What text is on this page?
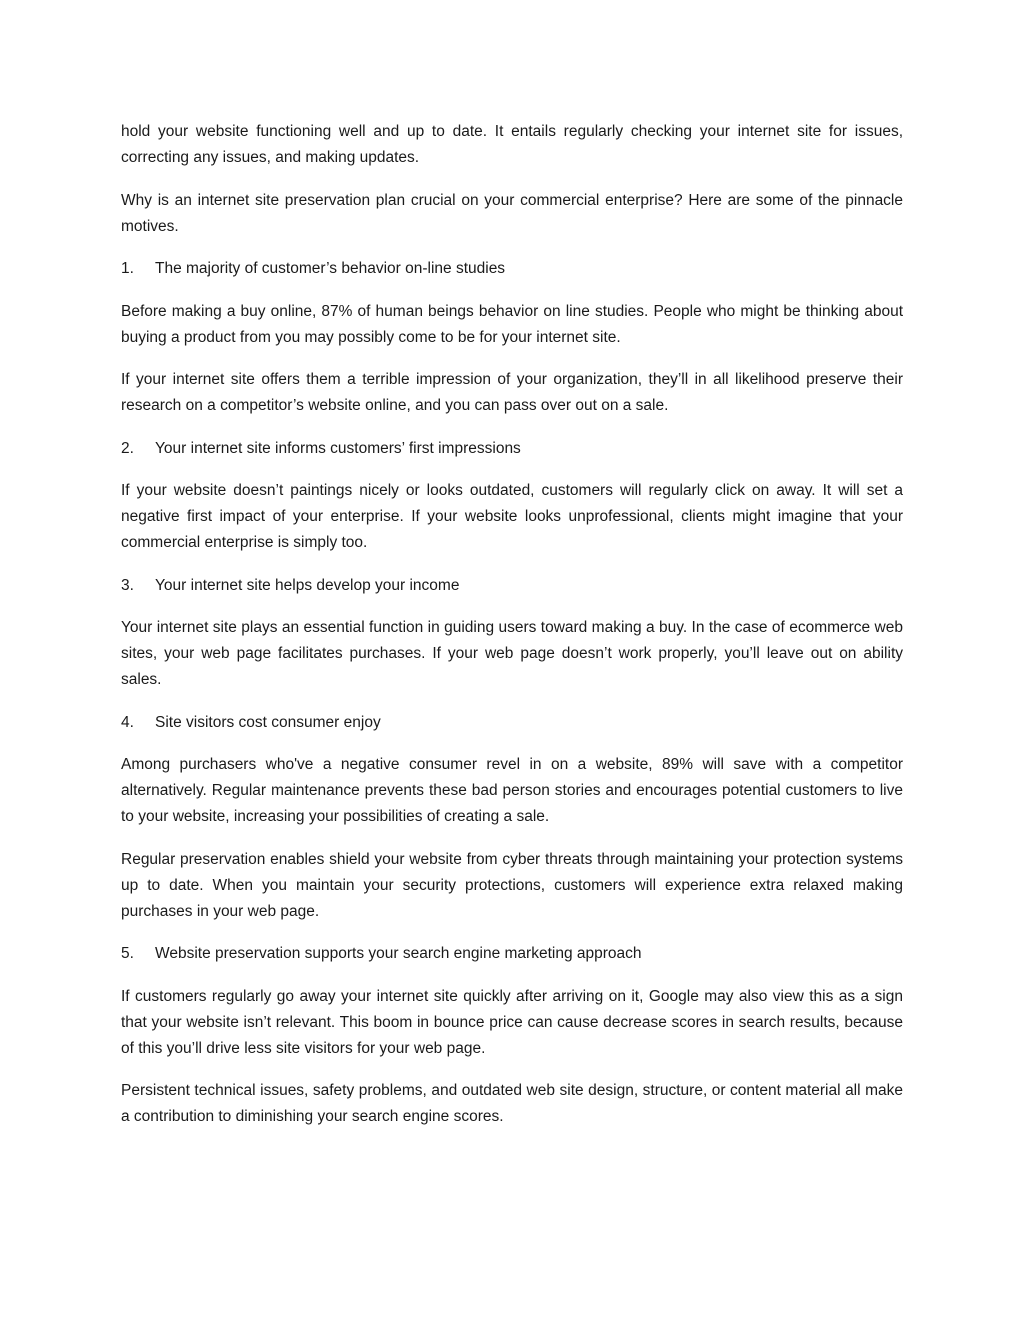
hold your website functioning well and up to date. It entails regularly checking your internet site for issues, correcting any issues, and making updates.

Why is an internet site preservation plan crucial on your commercial enterprise? Here are some of the pinnacle motives.

1.	The majority of customer’s behavior on-line studies

Before making a buy online, 87% of human beings behavior on line studies. People who might be thinking about buying a product from you may possibly come to be for your internet site.

If your internet site offers them a terrible impression of your organization, they’ll in all likelihood preserve their research on a competitor’s website online, and you can pass over out on a sale.

2.	Your internet site informs customers’ first impressions

If your website doesn’t paintings nicely or looks outdated, customers will regularly click on away. It will set a negative first impact of your enterprise. If your website looks unprofessional, clients might imagine that your commercial enterprise is simply too.

3.	Your internet site helps develop your income

Your internet site plays an essential function in guiding users toward making a buy. In the case of ecommerce web sites, your web page facilitates purchases. If your web page doesn’t work properly, you’ll leave out on ability sales.

4.	Site visitors cost consumer enjoy

Among purchasers who've a negative consumer revel in on a website, 89% will save with a competitor alternatively. Regular maintenance prevents these bad person stories and encourages potential customers to live to your website, increasing your possibilities of creating a sale.

Regular preservation enables shield your website from cyber threats through maintaining your protection systems up to date. When you maintain your security protections, customers will experience extra relaxed making purchases in your web page.

5.	Website preservation supports your search engine marketing approach

If customers regularly go away your internet site quickly after arriving on it, Google may also view this as a sign that your website isn’t relevant. This boom in bounce price can cause decrease scores in search results, because of this you’ll drive less site visitors for your web page.

Persistent technical issues, safety problems, and outdated web site design, structure, or content material all make a contribution to diminishing your search engine scores.
